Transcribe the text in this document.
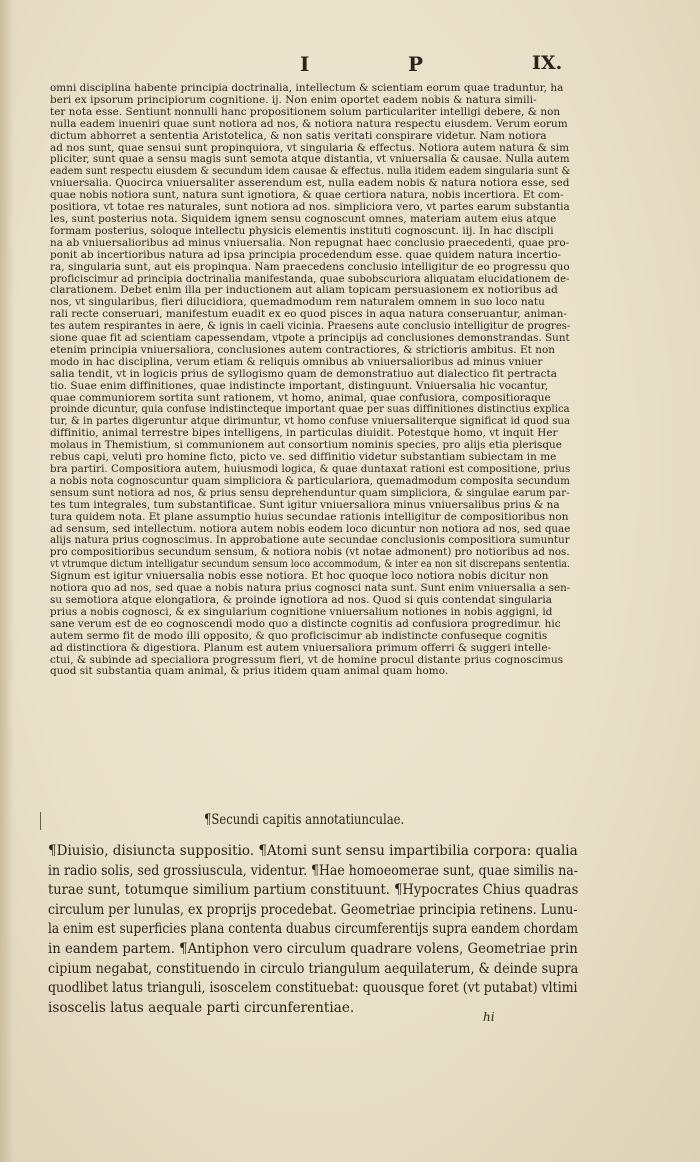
I	P	IX.
omni disciplina habente principia doctrinalia, intellectum & scientiam eorum quae traduntur, ha
beri ex ipsorum principiorum cognitione. ij. Non enim oportet eadem nobis & natura simili-
ter nota esse. Sentiunt nonnulli hanc propositionem solum particulariter intelligi debere, & non
nulla eadem inueniri quae sunt notiora ad nos, & notiora natura respectu eiusdem. Verum eorum
dictum abhorret a sententia Aristotelica, & non satis veritati conspirare videtur. Nam notiora
ad nos sunt, quae sensui sunt propinquiora, vt singularia & effectus. Notiora autem natura & sim
pliciter, sunt quae a sensu magis sunt semota atque distantia, vt vniuersalia & causae. Nulla autem
eadem sunt respectu eiusdem & secundum idem causae & effectus. nulla itidem eadem singularia sunt &
vniuersalia. Quocirca vniuersaliter asserendum est, nulla eadem nobis & natura notiora esse, sed
quae nobis notiora sunt, natura sunt ignotiora, & quae certiora natura, nobis incertiora. Et com-
positiora, vt totae res naturales, sunt notiora ad nos. simpliciora vero, vt partes earum substantia
les, sunt posterius nota. Siquidem ignem sensu cognoscunt omnes, materiam autem eius atque
formam posterius, soloque intellectu physicis elementis instituti cognoscunt. iij. In hac discipli
na ab vniuersalioribus ad minus vniuersalia. Non repugnat haec conclusio praecedenti, quae pro-
ponit ab incertioribus natura ad ipsa principia procedendum esse. quae quidem natura incertio-
ra, singularia sunt, aut eis propinqua. Nam praecedens conclusio intelligitur de eo progressu quo
proficiscimur ad principia doctrinalia manifestanda, quae subobscuriora aliquatam elucidationem de-
clarationem. Debet enim illa per inductionem aut aliam topicam persuasionem ex notioribus ad
nos, vt singularibus, fieri dilucidiora, quemadmodum rem naturalem omnem in suo loco natu
rali recte conseruari, manifestum euadit ex eo quod pisces in aqua natura conseruantur, animan-
tes autem respirantes in aere, & ignis in caeli vicinia. Praesens aute conclusio intelligitur de progres-
sione quae fit ad scientiam capessendam, vtpote a principijs ad conclusiones demonstrandas. Sunt
etenim principia vniuersaliora, conclusiones autem contractiores, & strictioris ambitus. Et non
modo in hac disciplina, verum etiam & reliquis omnibus ab vniuersalioribus ad minus vniuer
salia tendit, vt in logicis prius de syllogismo quam de demonstratiuo aut dialectico fit pertracta
tio. Suae enim diffinitiones, quae indistincte important, distinguunt. Vniuersalia hic vocantur,
quae communiorem sortita sunt rationem, vt homo, animal, quae confusiora, compositioraque
proinde dicuntur, quia confuse indistincteque important quae per suas diffinitiones distinctius explica
tur, & in partes digeruntur atque dirimuntur, vt homo confuse vniuersaliterque significat id quod sua
diffinitio, animal terrestre bipes intelligens, in particulas diuidit. Potestque homo, vt inquit Her
molaus in Themistium, si communionem aut consortium nominis species, pro alijs etia plerisque
rebus capi, veluti pro homine ficto, picto ve. sed diffinitio videtur substantiam subiectam in me
bra partiri. Compositiora autem, huiusmodi logica, & quae duntaxat rationi est compositione, prius
a nobis nota cognoscuntur quam simpliciora & particulariora, quemadmodum composita secundum
sensum sunt notiora ad nos, & prius sensu deprehenduntur quam simpliciora, & singulae earum par-
tes tum integrales, tum substantificae. Sunt igitur vniuersaliora minus vniuersalibus prius & na
tura quidem nota. Et plane assumptio huius secundae rationis intelligitur de compositioribus non
ad sensum, sed intellectum. notiora autem nobis eodem loco dicuntur non notiora ad nos, sed quae
alijs natura prius cognoscimus. In approbatione aute secundae conclusionis compositiora sumuntur
pro compositioribus secundum sensum, & notiora nobis (vt notae admonent) pro notioribus ad nos.
vt vtrumque dictum intelligatur secundum sensum loco accommodum, & inter ea non sit discrepans sententia.
Signum est igitur vniuersalia nobis esse notiora. Et hoc quoque loco notiora nobis dicitur non
notiora quo ad nos, sed quae a nobis natura prius cognosci nata sunt. Sunt enim vniuersalia a sen-
su semotiora atque elongatiora, & proinde ignotiora ad nos. Quod si quis contendat singularia
prius a nobis cognosci, & ex singularium cognitione vniuersalium notiones in nobis aggigni, id
sane verum est de eo cognoscendi modo quo a distincte cognitis ad confusiora progredimur. hic
autem sermo fit de modo illi opposito, & quo proficiscimur ab indistincte confuseque cognitis
ad distinctiora & digestiora. Planum est autem vniuersaliora primum offerri & suggeri intelle-
ctui, & subinde ad specialiora progressum fieri, vt de homine procul distante prius cognoscimus
quod sit substantia quam animal, & prius itidem quam animal quam homo.
¶Secundi capitis annotatiunculae.
¶Diuisio, disiuncta suppositio. ¶Atomi sunt sensu impartibilia corpora: qualia
in radio solis, sed grossiuscula, videntur. ¶Hae homoeomerae sunt, quae similis na-
turae sunt, totumque similium partium constituunt. ¶Hypocrates Chius quadras
circulum per lunulas, ex proprijs procedebat. Geometriae principia retinens. Lunu-
la enim est superficies plana contenta duabus circumferentijs supra eandem chordam
in eandem partem. ¶Antiphon vero circulum quadrare volens, Geometriae prin
cipium negabat, constituendo in circulo triangulum aequilaterum, & deinde supra
quodlibet latus trianguli, isoscelem constituebat: quousque foret (vt putabat) vltimi
isoscelis latus aequale parti circunferentiae.
hi
